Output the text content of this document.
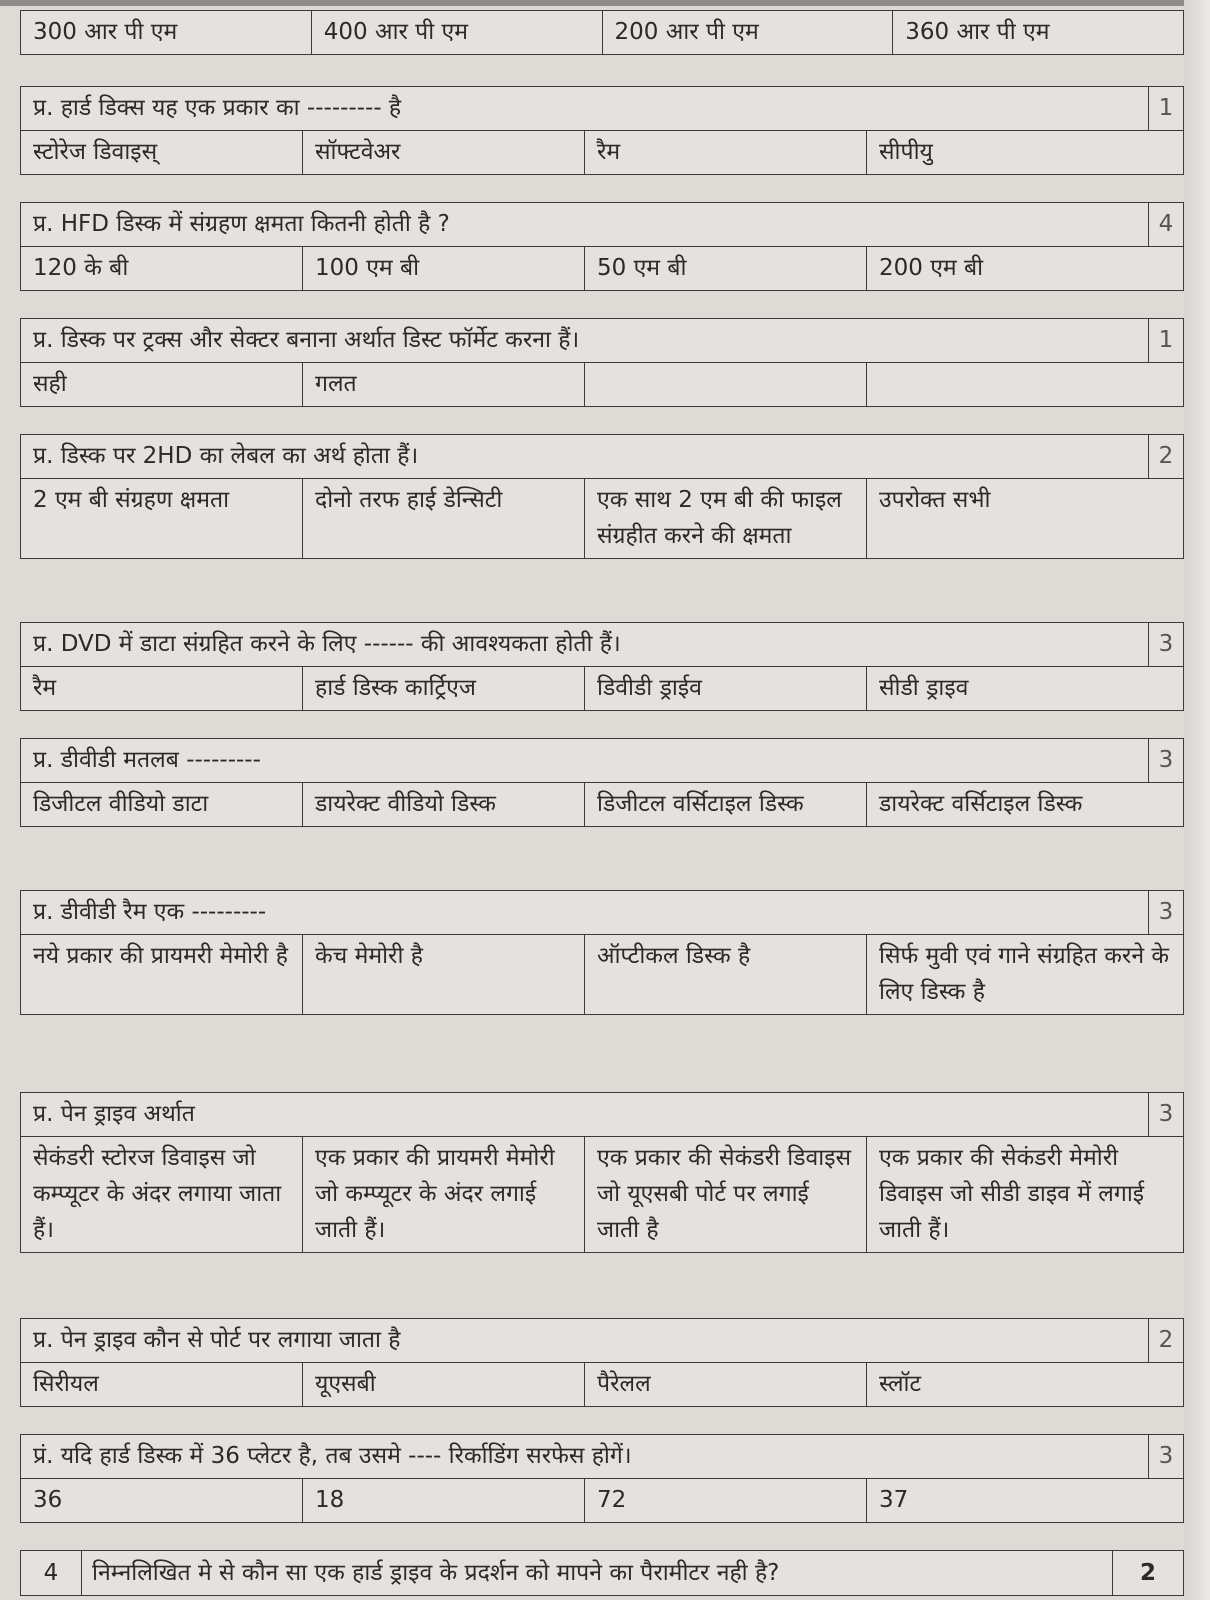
300 आर पी एम	400 आर पी एम	200 आर पी एम	360 आर पी एम
प्र. हार्ड डिक्स यह एक प्रकार का --------- है				1
स्टोरेज डिवाइस्	सॉफ्टवेअर	रैम	सीपीयु	
प्र. HFD डिस्क में संग्रहण क्षमता कितनी होती है ?				4
120 के बी	100 एम बी	50 एम बी	200 एम बी	
प्र. डिस्क पर ट्रक्स और सेक्टर बनाना अर्थात डिस्ट फॉर्मेट करना हैं।				1
सही	गलत			
प्र. डिस्क पर 2HD का लेबल का अर्थ होता हैं।				2
2 एम बी संग्रहण क्षमता	दोनो तरफ हाई डेन्सिटी	एक साथ 2 एम बी की फाइल संग्रहीत करने की क्षमता	उपरोक्त सभी	
प्र. DVD में डाटा संग्रहित करने के लिए ------ की आवश्यकता होती हैं।				3
रैम	हार्ड डिस्क कार्ट्रिएज	डिवीडी ड्राईव	सीडी ड्राइव	
प्र. डीवीडी मतलब ---------				3
डिजीटल वीडियो डाटा	डायरेक्ट वीडियो डिस्क	डिजीटल वर्सिटाइल डिस्क	डायरेक्ट वर्सिटाइल डिस्क	
प्र. डीवीडी रैम एक ---------				3
नये प्रकार की प्रायमरी मेमोरी है	केच मेमोरी है	ऑप्टीकल डिस्क है	सिर्फ मुवी एवं गाने संग्रहित करने के लिए डिस्क है	
प्र. पेन ड्राइव अर्थात				3
सेकंडरी स्टोरज डिवाइस जो कम्प्यूटर के अंदर लगाया जाता हैं।	एक प्रकार की प्रायमरी मेमोरी जो कम्प्यूटर के अंदर लगाई जाती हैं।	एक प्रकार की सेकंडरी डिवाइस जो यूएसबी पोर्ट पर लगाई जाती है	एक प्रकार की सेकंडरी मेमोरी डिवाइस जो सीडी डाइव में लगाई जाती हैं।	
प्र. पेन ड्राइव कौन से पोर्ट पर लगाया जाता है				2
सिरीयल	यूएसबी	पैरेलल	स्लॉट	
प्रं. यदि हार्ड डिस्क में 36 प्लेटर है, तब उसमे ---- रिर्काडिंग सरफेस होगें।				3
36	18	72	37	
4	निम्नलिखित मे से कौन सा एक हार्ड ड्राइव के प्रदर्शन को मापने का पैरामीटर नही है?	2
